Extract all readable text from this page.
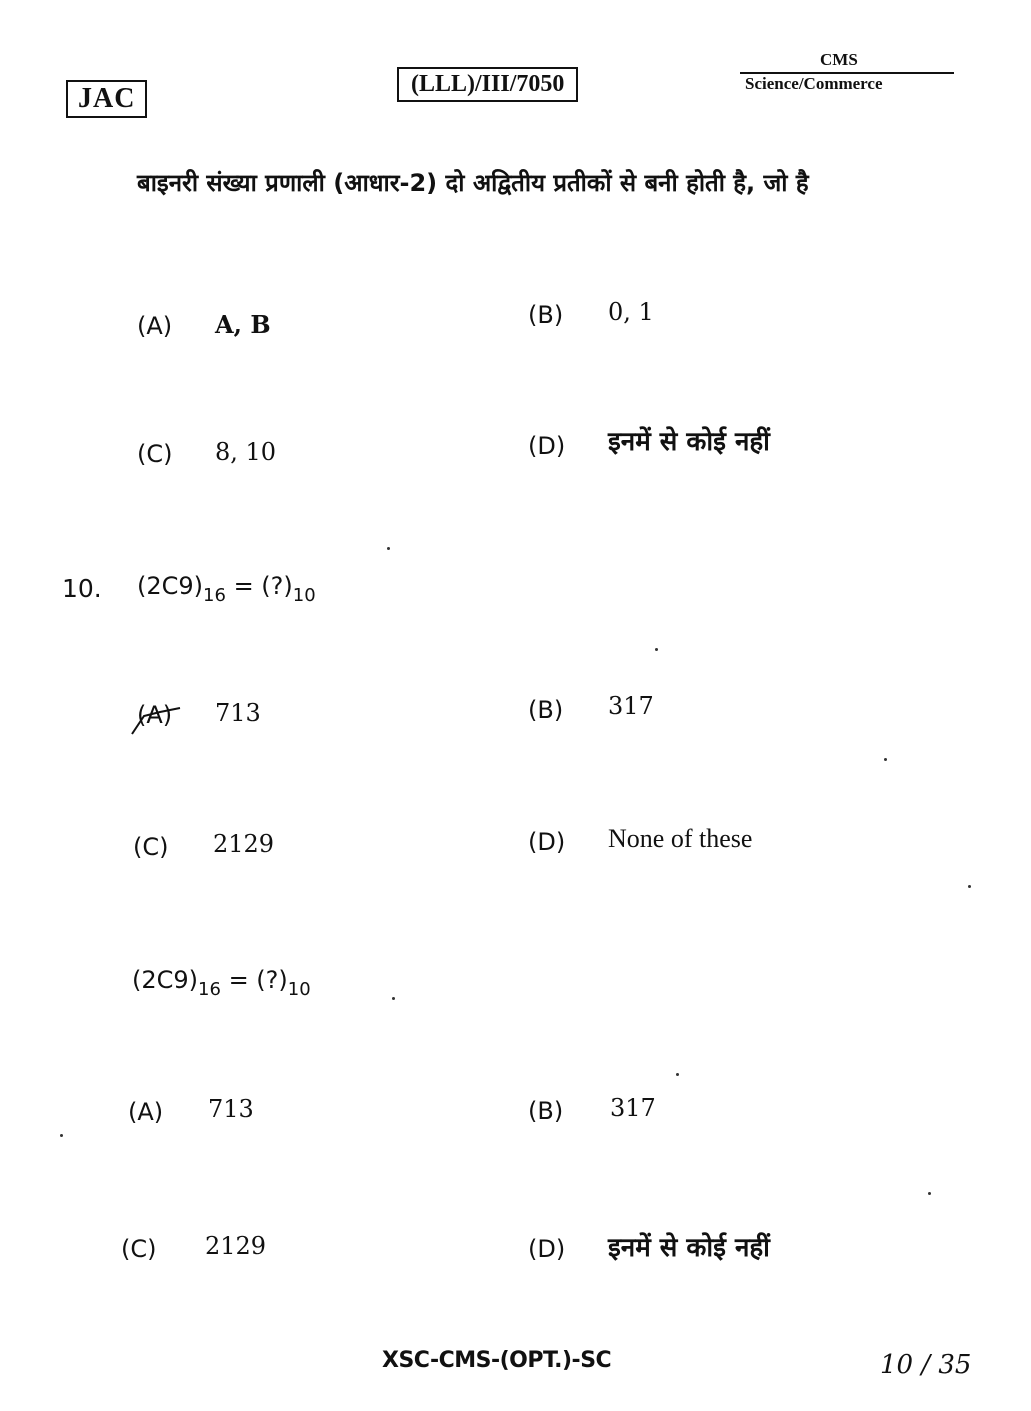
JAC	(LLL)/III/7050
CMS
Science/Commerce
बाइनरी संख्या प्रणाली (आधार-2) दो अद्वितीय प्रतीकों से बनी होती है, जो है
(A) A, B	(B) 0, 1
(C) 8, 10	(D) इनमें से कोई नहीं
10. $(2C9)_{16}$ = $(?)_{10}$
(A) 713	(B) 317
(C) 2129	(D) None of these
$(2C9)_{16}$ = $(?)_{10}$
(A) 713	(B) 317
(C) 2129	(D) इनमें से कोई नहीं
XSC-CMS-(OPT.)-SC	10 / 35
